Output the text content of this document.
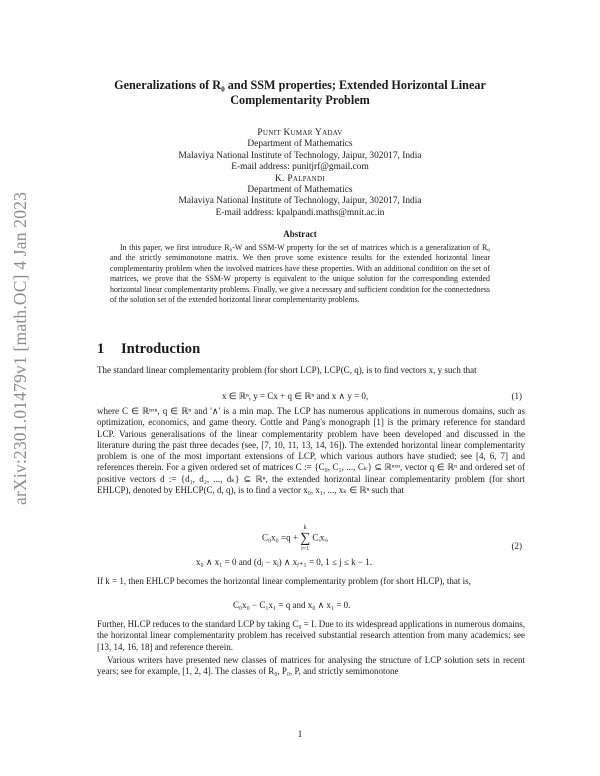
arXiv:2301.01479v1 [math.OC] 4 Jan 2023
Generalizations of R₀ and SSM properties; Extended Horizontal Linear
Complementarity Problem
Punit Kumar Yadav
Department of Mathematics
Malaviya National Institute of Technology, Jaipur, 302017, India
E-mail address: punitjrf@gmail.com
K. Palpandi
Department of Mathematics
Malaviya National Institute of Technology, Jaipur, 302017, India
E-mail address: kpalpandi.maths@mnit.ac.in
Abstract
In this paper, we first introduce R₀-W and SSM-W property for the set of matrices which is a generalization of R₀ and the strictly semimonotone matrix. We then prove some existence results for the extended horizontal linear complementarity problem when the involved matrices have these properties. With an additional condition on the set of matrices, we prove that the SSM-W property is equivalent to the unique solution for the corresponding extended horizontal linear complementarity problems. Finally, we give a necessary and sufficient condition for the connectedness of the solution set of the extended horizontal linear complementarity problems.
1 Introduction
The standard linear complementarity problem (for short LCP), LCP(C, q), is to find vectors x, y such that
x ∈ ℝⁿ, y = Cx + q ∈ ℝⁿ and x ∧ y = 0,	(1)
where C ∈ ℝⁿˣⁿ, q ∈ ℝⁿ and '∧' is a min map. The LCP has numerous applications in numerous domains, such as optimization, economics, and game theory. Cottle and Pang's monograph [1] is the primary reference for standard LCP. Various generalisations of the linear complementarity problem have been developed and discussed in the literature during the past three decades (see, [7, 10, 11, 13, 14, 16]). The extended horizontal linear complementarity problem is one of the most important extensions of LCP, which various authors have studied; see [4, 6, 7] and references therein. For a given ordered set of matrices C := {C₀, C₁, ..., Cₖ} ⊆ ℝⁿˣⁿ, vector q ∈ ℝⁿ and ordered set of positive vectors d := {d₁, d₂, ..., dₖ} ⊆ ℝⁿ, the extended horizontal linear complementarity problem (for short EHLCP), denoted by EHLCP(C, d, q), is to find a vector x₀, x₁, ..., xₖ ∈ ℝⁿ such that
C₀x₀ =q +
k
∑
i=1
Cᵢxᵢ,
(2)
x₀ ∧ x₁ = 0 and (dⱼ − xⱼ) ∧ xⱼ₊₁ = 0, 1 ≤ j ≤ k − 1.
If k = 1, then EHLCP becomes the horizontal linear complementarity problem (for short HLCP), that is,
C₀x₀ − C₁x₁ = q and x₀ ∧ x₁ = 0.
Further, HLCP reduces to the standard LCP by taking C₀ = I. Due to its widespread applications in numerous domains, the horizontal linear complementarity problem has received substantial research attention from many academics; see [13, 14, 16, 18] and reference therein.
Various writers have presented new classes of matrices for analysing the structure of LCP solution sets in recent years; see for example, [1, 2, 4]. The classes of R₀, P₀, P, and strictly semimonotone
1
